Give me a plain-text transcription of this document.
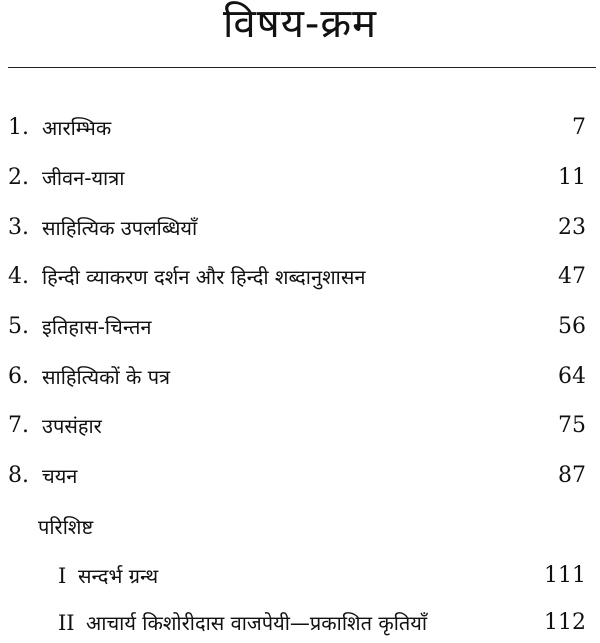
विषय-क्रम
1. आरम्भिक	7
2. जीवन-यात्रा	11
3. साहित्यिक उपलब्धियाँ	23
4. हिन्दी व्याकरण दर्शन और हिन्दी शब्दानुशासन	47
5. इतिहास-चिन्तन	56
6. साहित्यिकों के पत्र	64
7. उपसंहार	75
8. चयन	87
परिशिष्ट
I सन्दर्भ ग्रन्थ	111
II आचार्य किशोरीदास वाजपेयी—प्रकाशित कृतियाँ	112
